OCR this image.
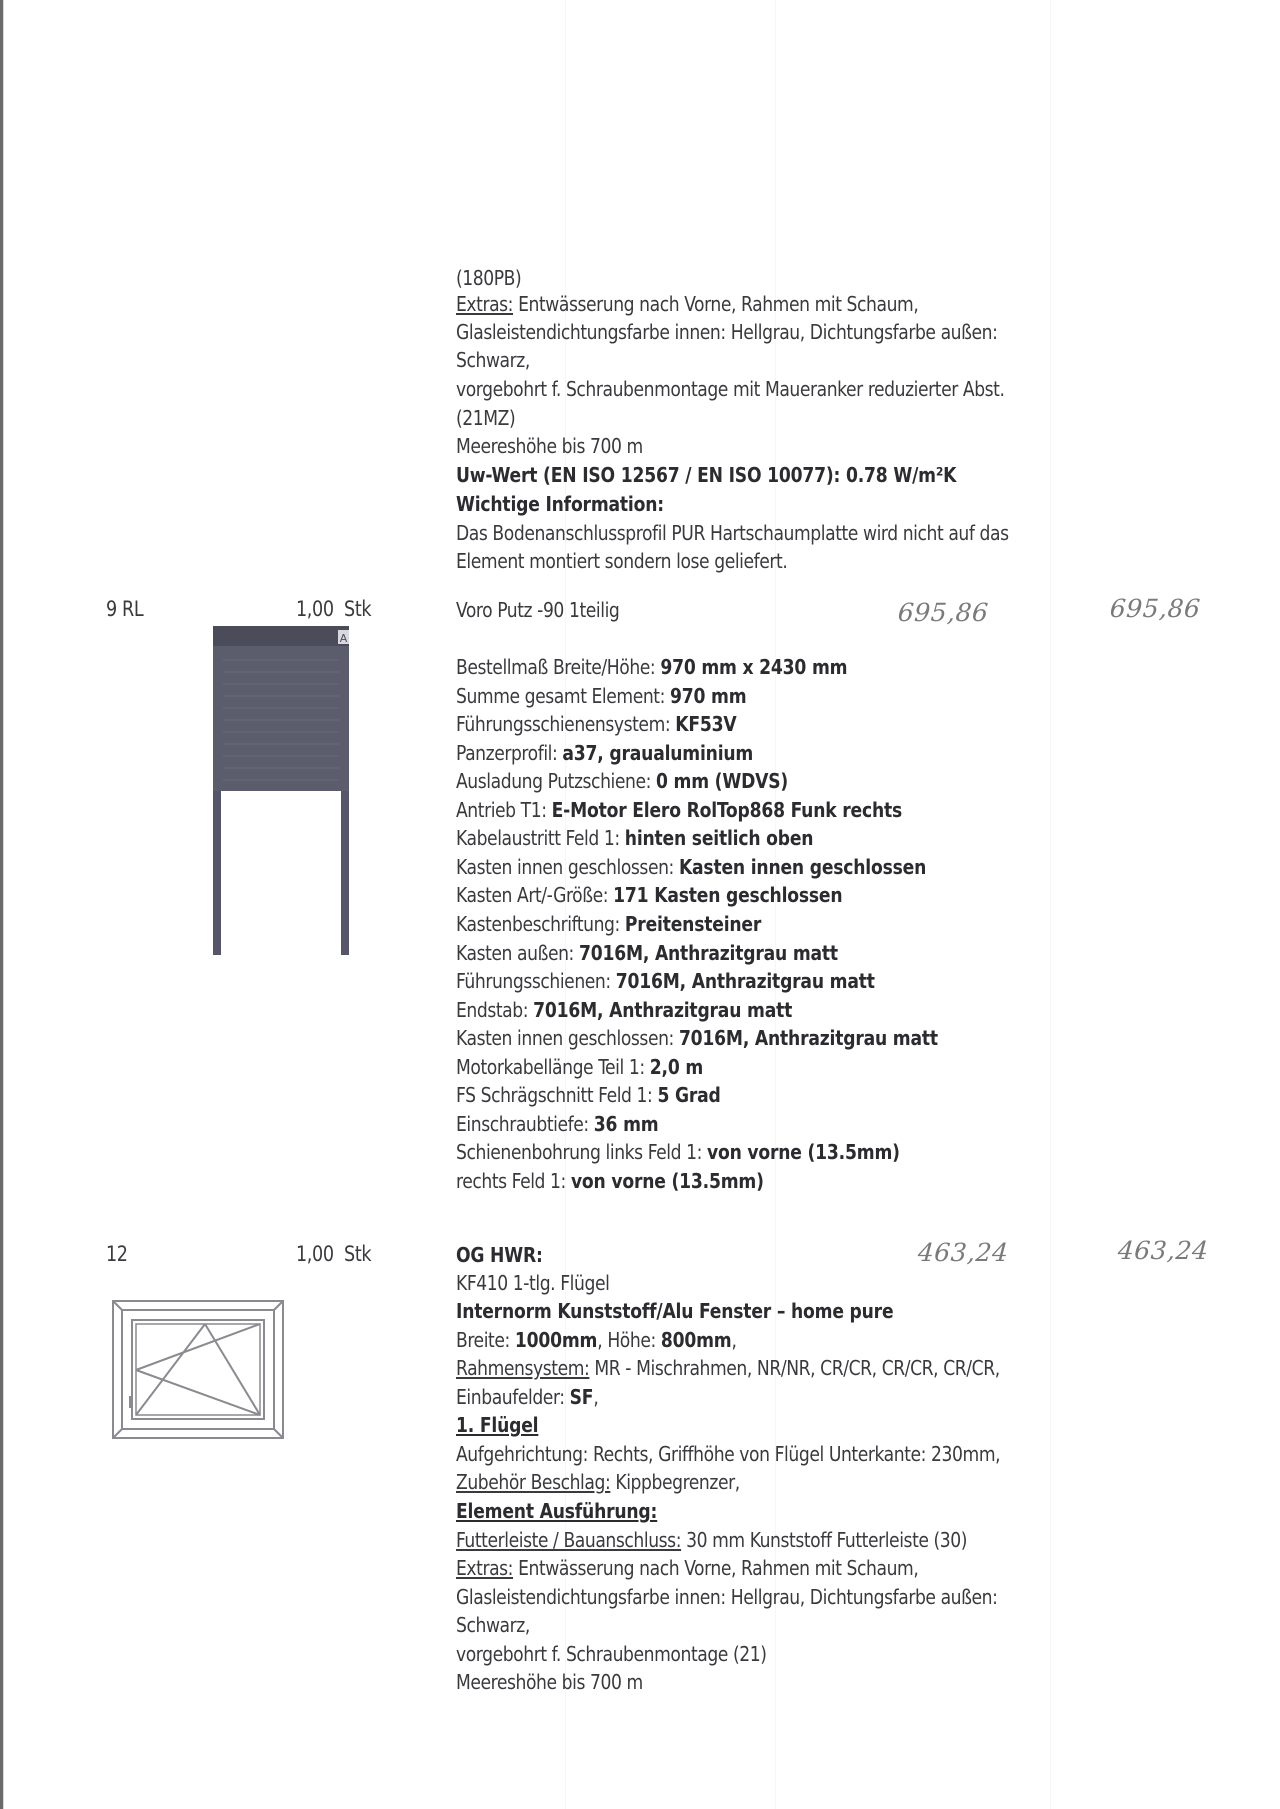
(180PB)
Extras: Entwässerung nach Vorne, Rahmen mit Schaum,
Glasleistendichtungsfarbe innen: Hellgrau, Dichtungsfarbe außen:
Schwarz,
vorgebohrt f. Schraubenmontage mit Maueranker reduzierter Abst.
(21MZ)
Meereshöhe bis 700 m
Uw-Wert (EN ISO 12567 / EN ISO 10077): 0.78 W/m²K
Wichtige Information:
Das Bodenanschlussprofil PUR Hartschaumplatte wird nicht auf das
Element montiert sondern lose geliefert.
9 RL	1,00 Stk	Voro Putz -90 1teilig	695,86	695,86
A
Bestellmaß Breite/Höhe: 970 mm x 2430 mm
Summe gesamt Element: 970 mm
Führungsschienensystem: KF53V
Panzerprofil: a37, graualuminium
Ausladung Putzschiene: 0 mm (WDVS)
Antrieb T1: E-Motor Elero RolTop868 Funk rechts
Kabelaustritt Feld 1: hinten seitlich oben
Kasten innen geschlossen: Kasten innen geschlossen
Kasten Art/-Größe: 171 Kasten geschlossen
Kastenbeschriftung: Preitensteiner
Kasten außen: 7016M, Anthrazitgrau matt
Führungsschienen: 7016M, Anthrazitgrau matt
Endstab: 7016M, Anthrazitgrau matt
Kasten innen geschlossen: 7016M, Anthrazitgrau matt
Motorkabellänge Teil 1: 2,0 m
FS Schrägschnitt Feld 1: 5 Grad
Einschraubtiefe: 36 mm
Schienenbohrung links Feld 1: von vorne (13.5mm)
rechts Feld 1: von vorne (13.5mm)
12	1,00 Stk	OG HWR:	463,24	463,24
KF410 1-tlg. Flügel
Internorm Kunststoff/Alu Fenster – home pure
Breite: 1000mm, Höhe: 800mm,
Rahmensystem: MR - Mischrahmen, NR/NR, CR/CR, CR/CR, CR/CR,
Einbaufelder: SF,
1. Flügel
Aufgehrichtung: Rechts, Griffhöhe von Flügel Unterkante: 230mm,
Zubehör Beschlag: Kippbegrenzer,
Element Ausführung:
Futterleiste / Bauanschluss: 30 mm Kunststoff Futterleiste (30)
Extras: Entwässerung nach Vorne, Rahmen mit Schaum,
Glasleistendichtungsfarbe innen: Hellgrau, Dichtungsfarbe außen:
Schwarz,
vorgebohrt f. Schraubenmontage (21)
Meereshöhe bis 700 m
